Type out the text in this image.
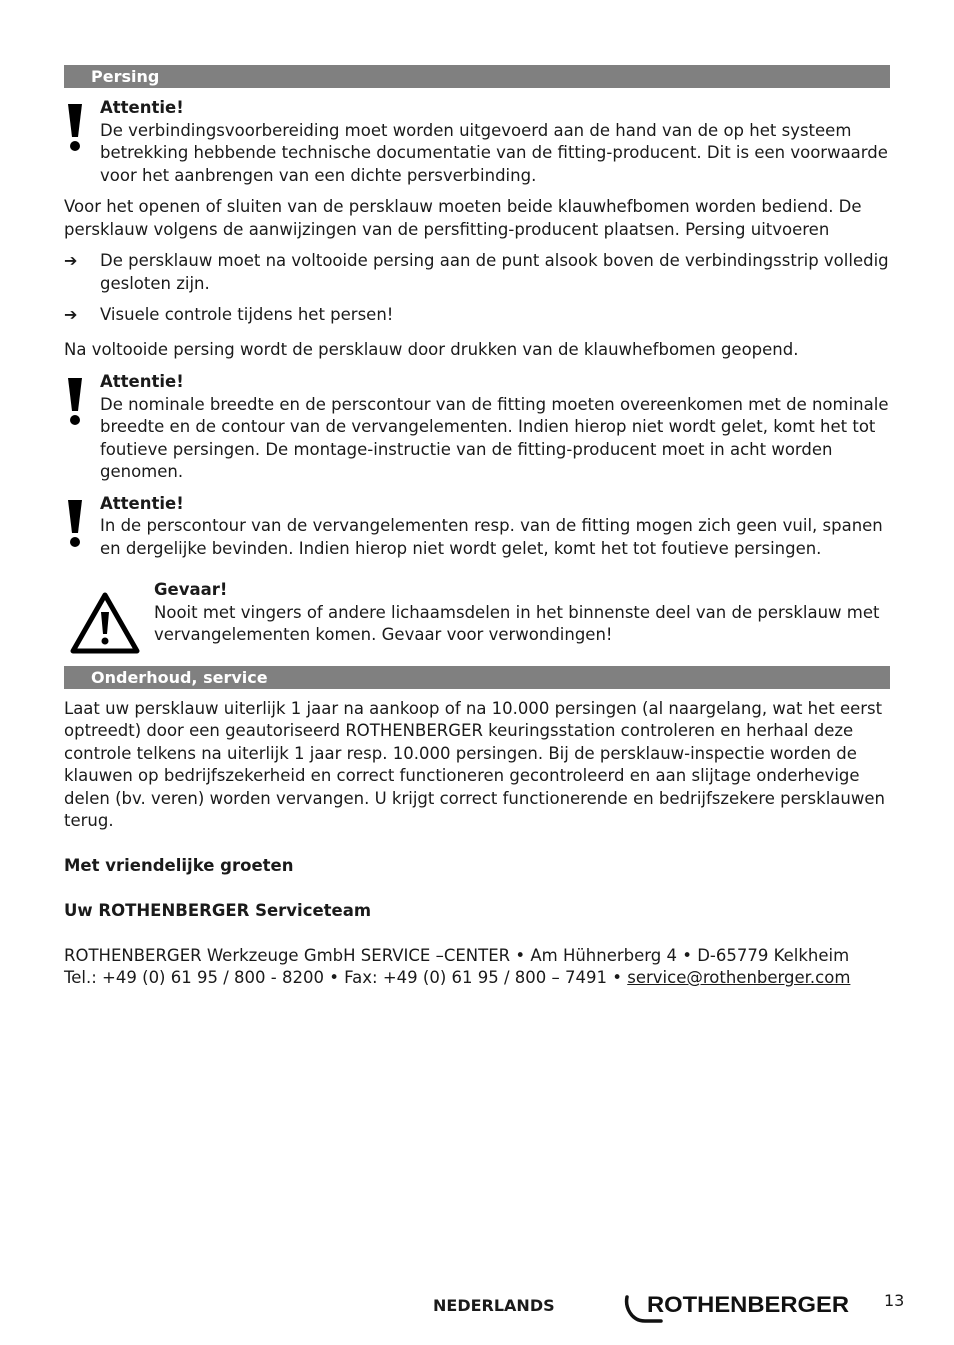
Persing

Attentie!

De verbindingsvoorbereiding moet worden uitgevoerd aan de hand van de op het systeem betrekking hebbende technische documentatie van de fitting-producent. Dit is een voorwaarde voor het aanbrengen van een dichte persverbinding.

Voor het openen of sluiten van de persklauw moeten beide klauwhefbomen worden bediend. De persklauw volgens de aanwijzingen van de persfitting-producent plaatsen. Persing uitvoeren

➔ De persklauw moet na voltooide persing aan de punt alsook boven de verbindingsstrip volledig gesloten zijn.

➔ Visuele controle tijdens het persen!

Na voltooide persing wordt de persklauw door drukken van de klauwhefbomen geopend.

Attentie!

De nominale breedte en de perscontour van de fitting moeten overeenkomen met de nominale breedte en de contour van de vervangelementen. Indien hierop niet wordt gelet, komt het tot foutieve persingen. De montage-instructie van de fitting-producent moet in acht worden genomen.

Attentie!

In de perscontour van de vervangelementen resp. van de fitting mogen zich geen vuil, spanen en dergelijke bevinden. Indien hierop niet wordt gelet, komt het tot foutieve persingen.

Gevaar!

Nooit met vingers of andere lichaamsdelen in het binnenste deel van de persklauw met vervangelementen komen. Gevaar voor verwondingen!

Onderhoud, service

Laat uw persklauw uiterlijk 1 jaar na aankoop of na 10.000 persingen (al naargelang, wat het eerst optreedt) door een geautoriseerd ROTHENBERGER keuringsstation controleren en herhaal deze controle telkens na uiterlijk 1 jaar resp. 10.000 persingen. Bij de persklauw-inspectie worden de klauwen op bedrijfszekerheid en correct functioneren gecontroleerd en aan slijtage onderhevige delen (bv. veren) worden vervangen. U krijgt correct functionerende en bedrijfszekere persklauwen terug.

Met vriendelijke groeten

Uw ROTHENBERGER Serviceteam

ROTHENBERGER Werkzeuge GmbH SERVICE –CENTER • Am Hühnerberg 4 • D-65779 Kelkheim

Tel.: +49 (0) 61 95 / 800 - 8200 • Fax: +49 (0) 61 95 / 800 – 7491 • service@rothenberger.com

NEDERLANDS	ROTHENBERGER 13
